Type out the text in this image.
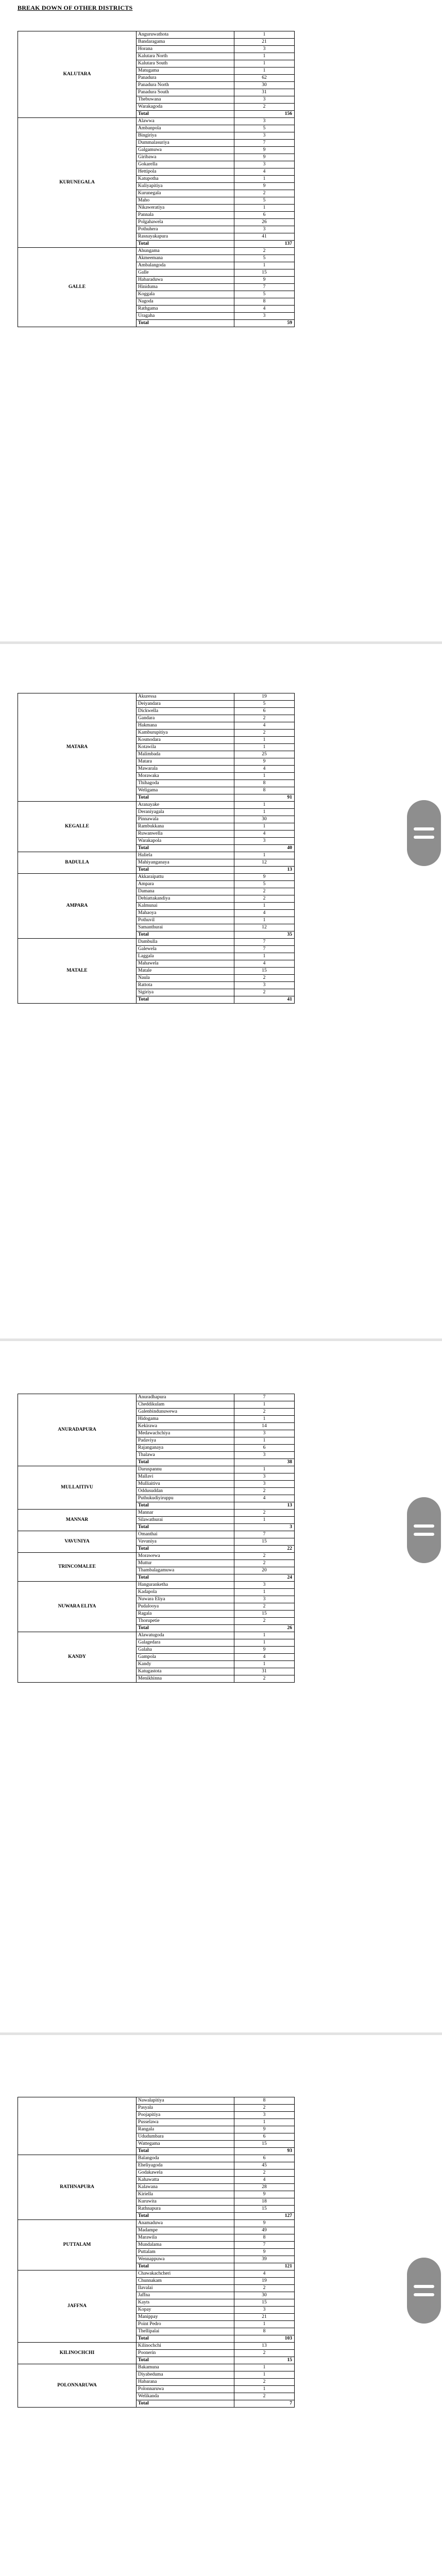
BREAK DOWN OF OTHER DISTRICTS
KALUTARA	Anguruwathota	1
	Bandaragama	21
	Horana	3
	Kalutara North	1
	Kalutara South	1
	Matugama	1
	Panadura	62
	Panadura North	30
	Panadura South	31
	Thebuwana	3
	Warakagoda	2
	Total	156
KURUNEGALA	Alawwa	3
	Ambanpola	5
	Bingiriya	3
	Dummalasuriya	7
	Galgamuwa	9
	Giribawa	9
	Gokarella	3
	Hettipola	4
	Katupotha	1
	Kuliyapitiya	9
	Kurunegala	2
	Maho	5
	Nikaweratiya	1
	Pannala	6
	Polgahawela	26
	Pothuhera	3
	Rasnayakapura	41
	Total	137
GALLE	Ahungama	2
	Akmeemana	5
	Ambalangoda	1
	Galle	15
	Habaraduwa	9
	Hiniduma	7
	Koggala	5
	Nagoda	8
	Rathgama	4
	Uragaha	3
	Total	59
MATARA	Akuressa	19
	Deiyandara	5
	Dickwella	6
	Gandara	2
	Hakmana	4
	Kamburupitiya	2
	Kosmodara	1
	Kotawila	1
	Malimbada	25
	Matara	9
	Mawarala	4
	Morawaka	1
	Thihagoda	8
	Weligama	8
	Total	91
KEGALLE	Aranayake	1
	Deraniyagala	1
	Pinnawala	30
	Rambukkana	1
	Ruwanwella	4
	Warakapola	3
	Total	40
BADULLA	Haliela	1
	Mahiyanganaya	12
	Total	13
AMPARA	Akkaraipattu	9
	Ampara	5
	Damana	2
	Dehiattakandiya	2
	Kalmunai	1
	Mahaoya	4
	Pothuvil	1
	Samanthurai	12
	Total	35
MATALE	Dambulla	7
	Galewela	7
	Laggala	1
	Mahawela	4
	Matale	15
	Naula	2
	Rattota	3
	Sigiriya	2
	Total	41
ANURADAPURA	Anuradhapura	7
	Cheddikulam	1
	Galenbindunuwewa	2
	Hidogama	1
	Kekirawa	14
	Medawachchiya	3
	Padaviya	1
	Rajanganaya	6
	Thalawa	3
	Total	38
MULLAITIVU	Daruspannu	1
	Mallavi	3
	Mulliaitivu	3
	Oddusuddan	2
	Puthukudiyiruppu	4
	Total	13
MANNAR	Mannar	2
	Silawathurai	1
	Total	3
VAVUNIYA	Omanthai	7
	Vavuniya	15
	Total	22
TRINCOMALEE	Morawewa	2
	Muttur	2
	Thambalagamuwa	20
	Total	24
NUWARA ELIYA	Hanguranketha	3
	Kadapola	1
	Nuwara Eliya	3
	Pudalooya	2
	Ragala	15
	Thorupetie	2
	Total	26
KANDY	Alawatugoda	1
	Galagedara	1
	Galaha	9
	Gampola	4
	Kandy	1
	Katugastota	31
	Menikhinna	2
	Nawalapitiya	8
	Pasyala	2
	Poojapitiya	3
	Pusselawa	1
	Rangala	9
	Ududumbara	6
	Wattegama	15
	Total	93
RATHNAPURA	Balangoda	6
	Eheliyagoda	45
	Godakawela	2
	Kahawatta	4
	Kalawana	28
	Kiriella	9
	Kuruwita	18
	Rathnapura	15
	Total	127
PUTTALAM	Anamaduwa	9
	Madampe	49
	Marawila	8
	Mundalama	7
	Puttalam	9
	Wennappuwa	39
	Total	121
JAFFNA	Chawakachcheri	4
	Chunnakam	19
	Ilavalai	2
	Jaffna	30
	Kayts	15
	Kopay	3
	Manippay	21
	Point Pedro	1
	Thellipalai	8
	Total	103
KILINOCHCHI	Kilinochchi	13
	Poonerin	2
	Total	15
POLONNARUWA	Bakamuna	1
	Diyabeduma	1
	Habarana	2
	Polonnaruwa	1
	Welikanda	2
	Total	7
